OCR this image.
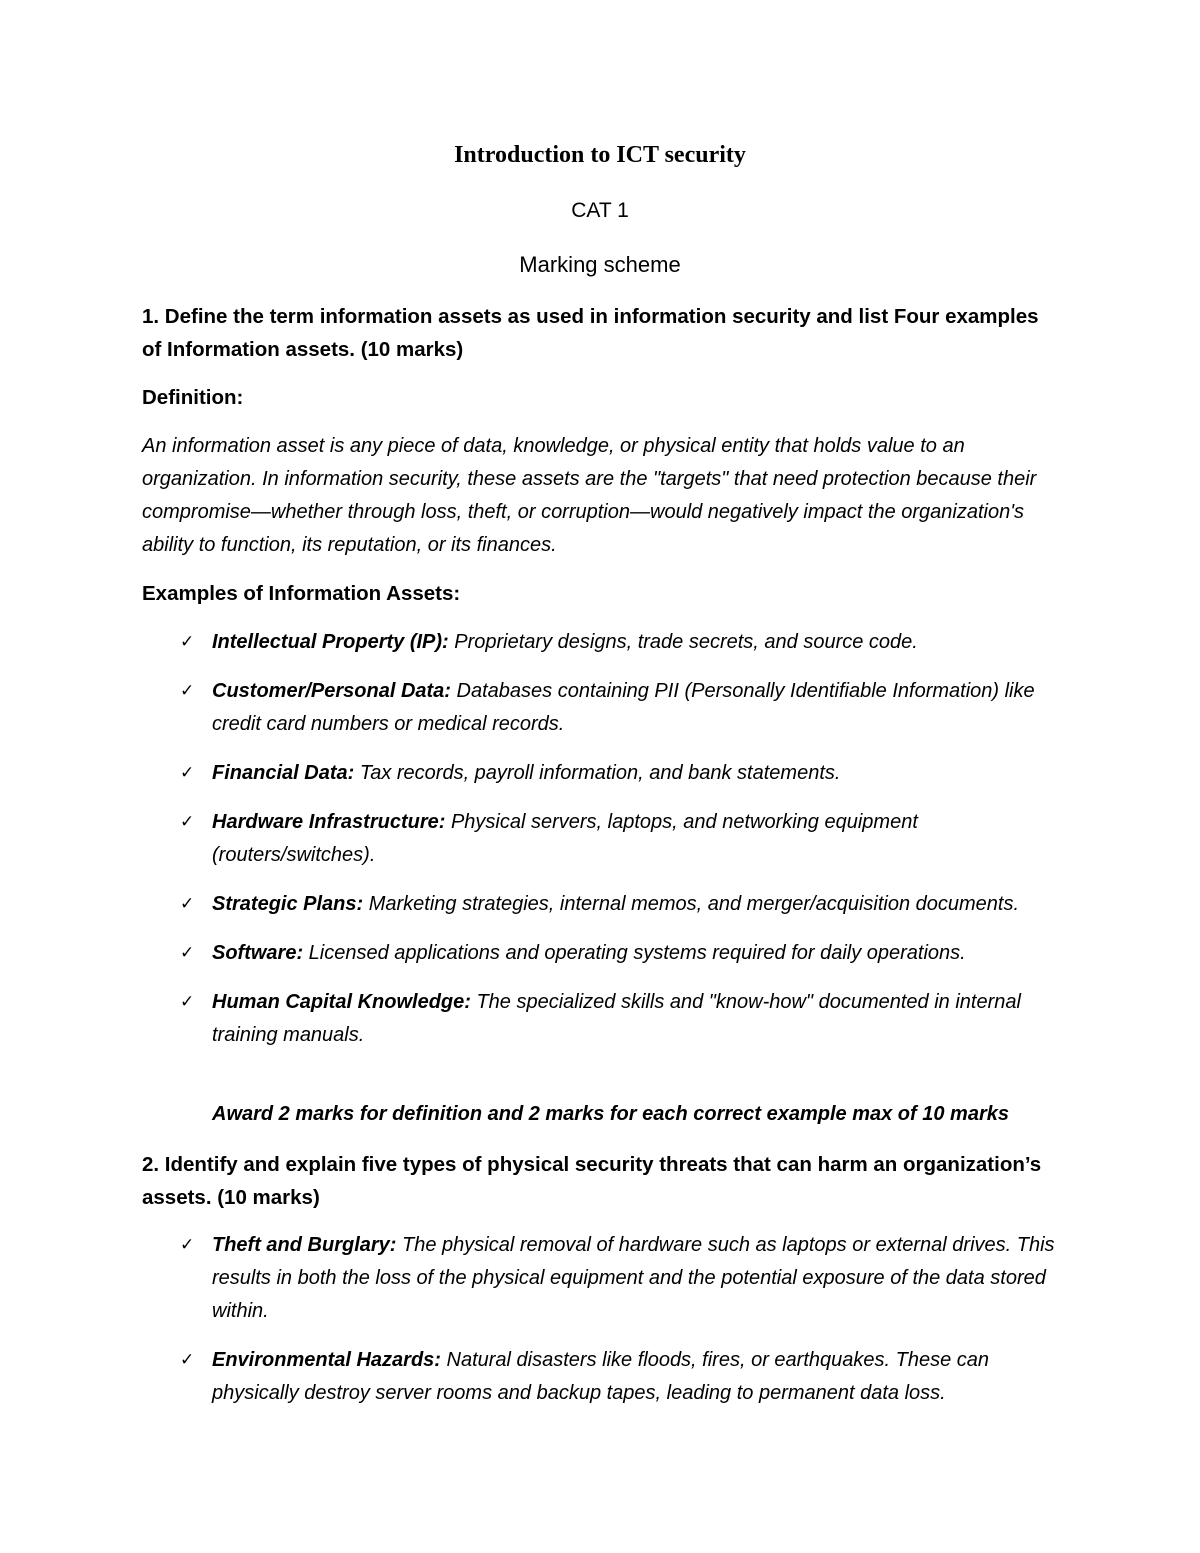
Introduction to ICT security
CAT 1
Marking scheme
1. Define the term information assets as used in information security and list Four examples of Information assets. (10 marks)
Definition:
An information asset is any piece of data, knowledge, or physical entity that holds value to an organization. In information security, these assets are the "targets" that need protection because their compromise—whether through loss, theft, or corruption—would negatively impact the organization's ability to function, its reputation, or its finances.
Examples of Information Assets:
✓ Intellectual Property (IP): Proprietary designs, trade secrets, and source code.
✓ Customer/Personal Data: Databases containing PII (Personally Identifiable Information) like credit card numbers or medical records.
✓ Financial Data: Tax records, payroll information, and bank statements.
✓ Hardware Infrastructure: Physical servers, laptops, and networking equipment (routers/switches).
✓ Strategic Plans: Marketing strategies, internal memos, and merger/acquisition documents.
✓ Software: Licensed applications and operating systems required for daily operations.
✓ Human Capital Knowledge: The specialized skills and "know-how" documented in internal training manuals.
Award 2 marks for definition and 2 marks for each correct example max of 10 marks
2. Identify and explain five types of physical security threats that can harm an organization’s assets. (10 marks)
✓ Theft and Burglary: The physical removal of hardware such as laptops or external drives. This results in both the loss of the physical equipment and the potential exposure of the data stored within.
✓ Environmental Hazards: Natural disasters like floods, fires, or earthquakes. These can physically destroy server rooms and backup tapes, leading to permanent data loss.
